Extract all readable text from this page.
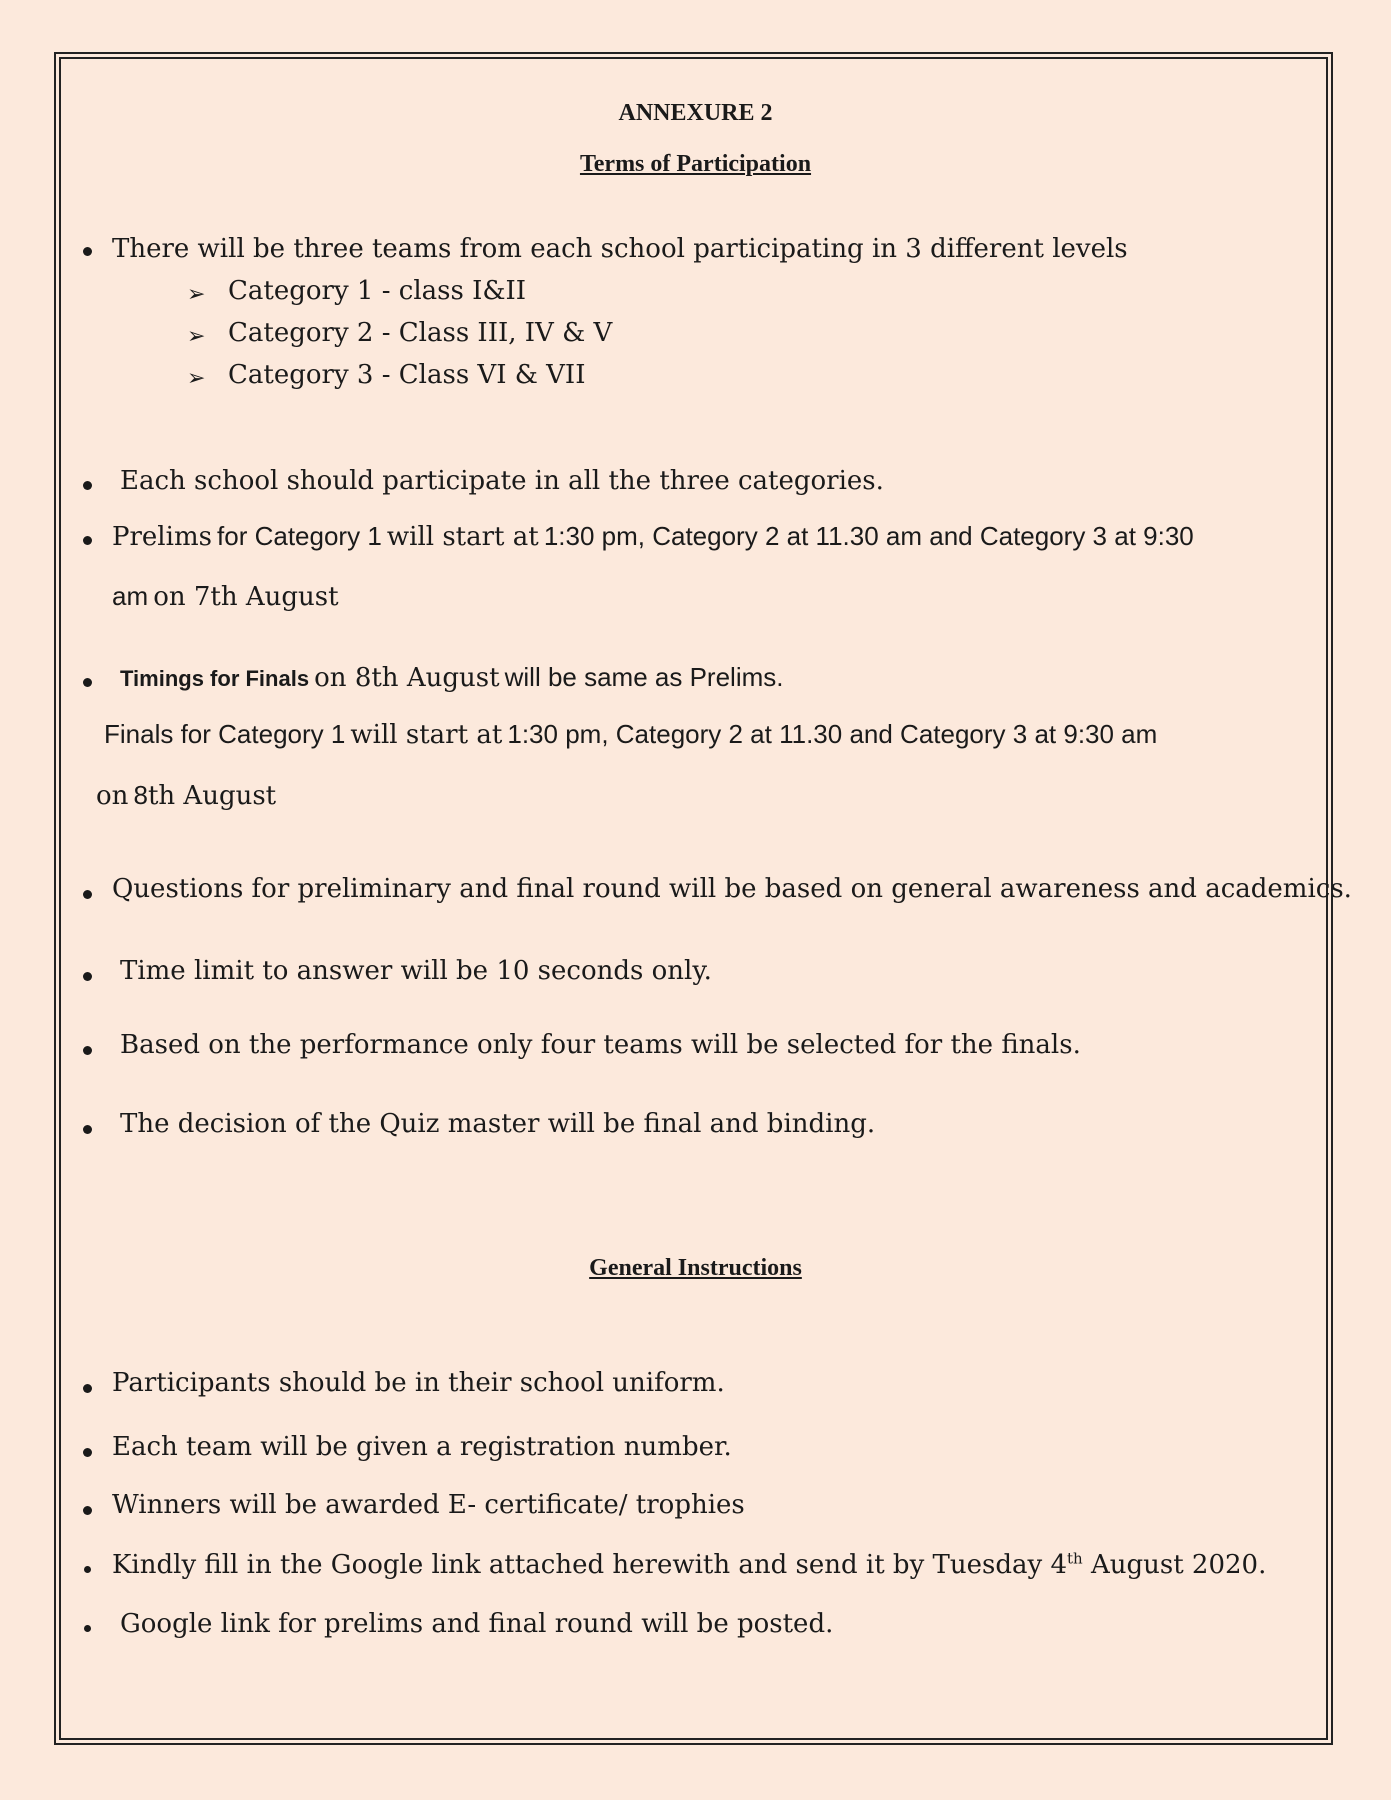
ANNEXURE 2
Terms of Participation
There will be three teams from each school participating in 3 different levels
➢ Category 1 - class I&II
➢ Category 2 - Class III, IV & V
➢ Category 3 - Class VI & VII
Each school should participate in all the three categories.
Prelims for Category 1 will start at 1:30 pm, Category 2 at 11.30 am and Category 3 at 9:30
am on 7th August
Timings for Finals on 8th August will be same as Prelims.
Finals for Category 1 will start at 1:30 pm, Category 2 at 11.30 and Category 3 at 9:30 am
on 8th August
Questions for preliminary and final round will be based on general awareness and academics.
Time limit to answer will be 10 seconds only.
Based on the performance only four teams will be selected for the finals.
The decision of the Quiz master will be final and binding.
General Instructions
Participants should be in their school uniform.
Each team will be given a registration number.
Winners will be awarded E- certificate/ trophies
Kindly fill in the Google link attached herewith and send it by Tuesday 4th August 2020.
Google link for prelims and final round will be posted.
